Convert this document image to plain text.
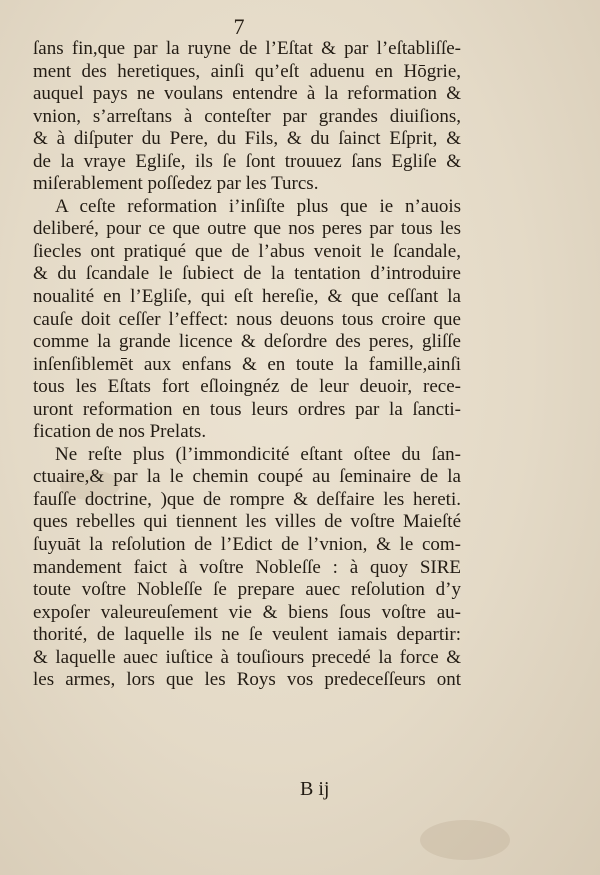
7
ſans fin,que par la ruyne de l’Eſtat & par l’eſtabliſſe-
ment des heretiques, ainſi qu’eſt aduenu en Hōgrie,
auquel pays ne voulans entendre à la reformation &
vnion, s’arreſtans à conteſter par grandes diuiſions,
& à diſputer du Pere, du Fils, & du ſainct Eſprit, &
de la vraye Egliſe, ils ſe ſont trouuez ſans Egliſe &
miſerablement poſſedez par les Turcs.
A ceſte reformation i’inſiſte plus que ie n’auois
deliberé, pour ce que outre que nos peres par tous les
ſiecles ont pratiqué que de l’abus venoit le ſcandale,
& du ſcandale le ſubiect de la tentation d’introduire
noualité en l’Egliſe, qui eſt hereſie, & que ceſſant la
cauſe doit ceſſer l’effect: nous deuons tous croire que
comme la grande licence & deſordre des peres, gliſſe
inſenſiblemēt aux enfans & en toute la famille,ainſi
tous les Eſtats fort eſloingnéz de leur deuoir, rece-
uront reformation en tous leurs ordres par la ſancti-
fication de nos Prelats.
Ne reſte plus (l’immondicité eſtant oſtee du ſan-
ctuaire,& par la le chemin coupé au ſeminaire de la
fauſſe doctrine, )que de rompre & deſfaire les hereti.
ques rebelles qui tiennent les villes de voſtre Maieſté
ſuyuāt la reſolution de l’Edict de l’vnion, & le com-
mandement faict à voſtre Nobleſſe : à quoy SIRE
toute voſtre Nobleſſe ſe prepare auec reſolution d’y
expoſer valeureuſement vie & biens ſous voſtre au-
thorité, de laquelle ils ne ſe veulent iamais departir:
& laquelle auec iuſtice à touſiours precedé la force &
les armes, lors que les Roys vos predeceſſeurs ont
B ij
